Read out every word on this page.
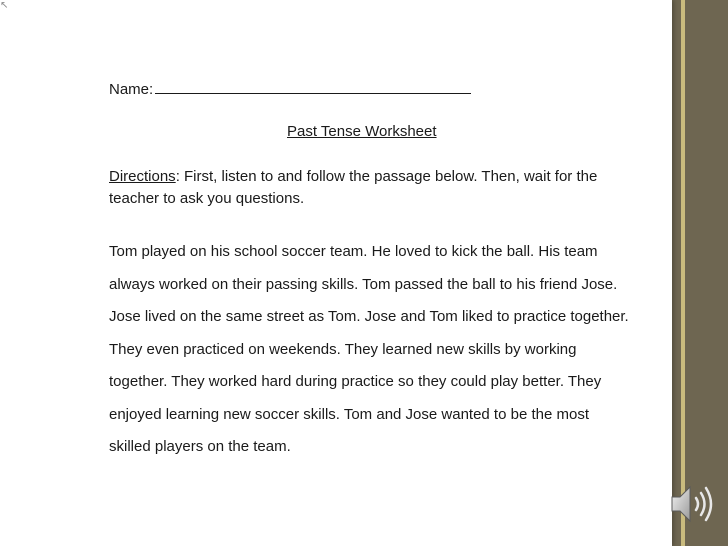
↖
Name:
Past Tense Worksheet
Directions: First, listen to and follow the passage below. Then, wait for the teacher to ask you questions.
Tom played on his school soccer team. He loved to kick the ball. His team always worked on their passing skills. Tom passed the ball to his friend Jose. Jose lived on the same street as Tom. Jose and Tom liked to practice together. They even practiced on weekends. They learned new skills by working together. They worked hard during practice so they could play better. They enjoyed learning new soccer skills. Tom and Jose wanted to be the most skilled players on the team.
